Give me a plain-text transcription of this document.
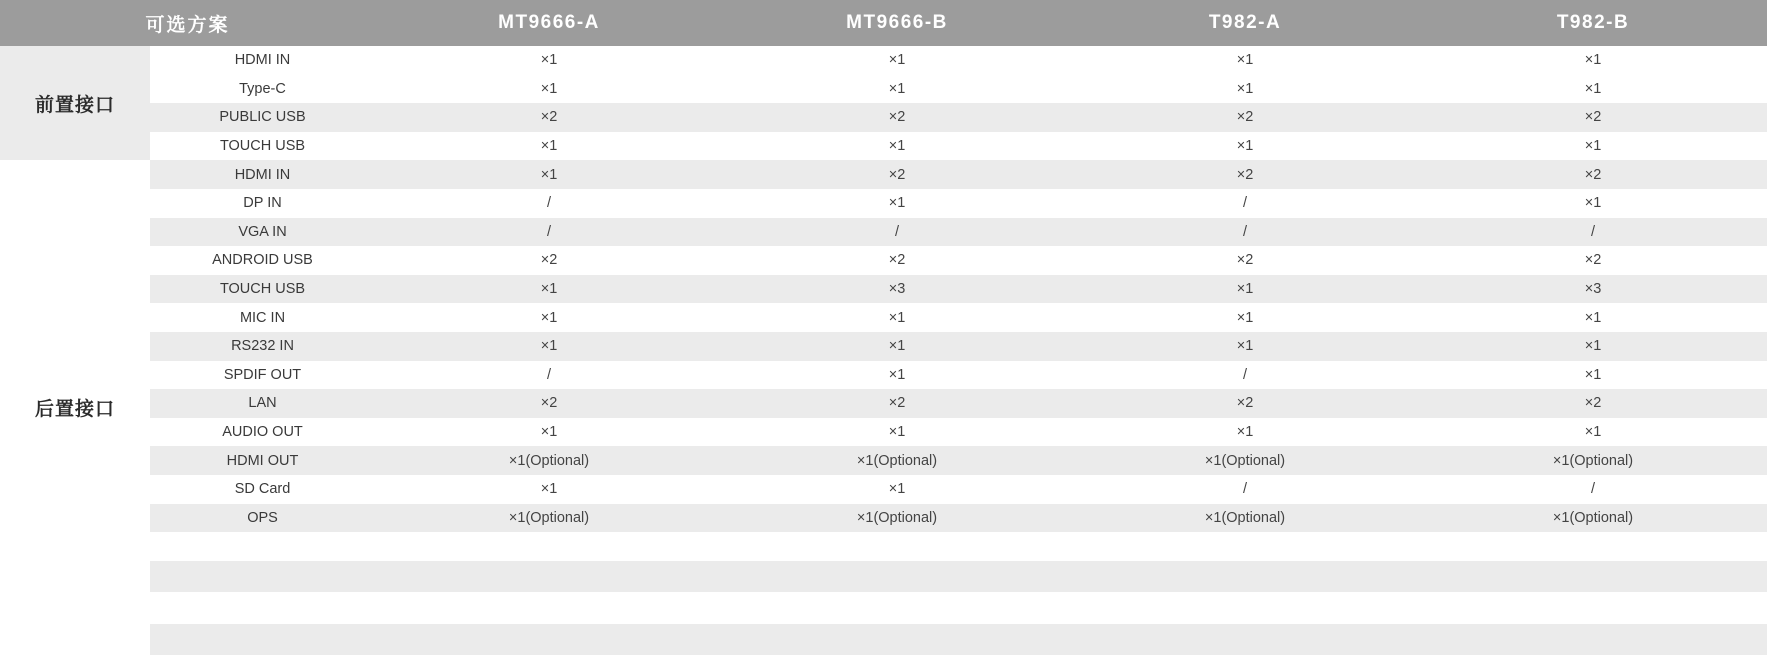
可选方案		MT9666-A	MT9666-B	T982-A	T982-B
前置接口	HDMI IN	×1	×1	×1	×1
	Type-C	×1	×1	×1	×1
	PUBLIC USB	×2	×2	×2	×2
	TOUCH USB	×1	×1	×1	×1
后置接口	HDMI IN	×1	×2	×2	×2
	DP IN	/	×1	/	×1
	VGA IN	/	/	/	/
	ANDROID USB	×2	×2	×2	×2
	TOUCH USB	×1	×3	×1	×3
	MIC IN	×1	×1	×1	×1
	RS232 IN	×1	×1	×1	×1
	SPDIF OUT	/	×1	/	×1
	LAN	×2	×2	×2	×2
	AUDIO OUT	×1	×1	×1	×1
	HDMI OUT	×1(Optional)	×1(Optional)	×1(Optional)	×1(Optional)
	SD Card	×1	×1	/	/
	OPS	×1(Optional)	×1(Optional)	×1(Optional)	×1(Optional)
